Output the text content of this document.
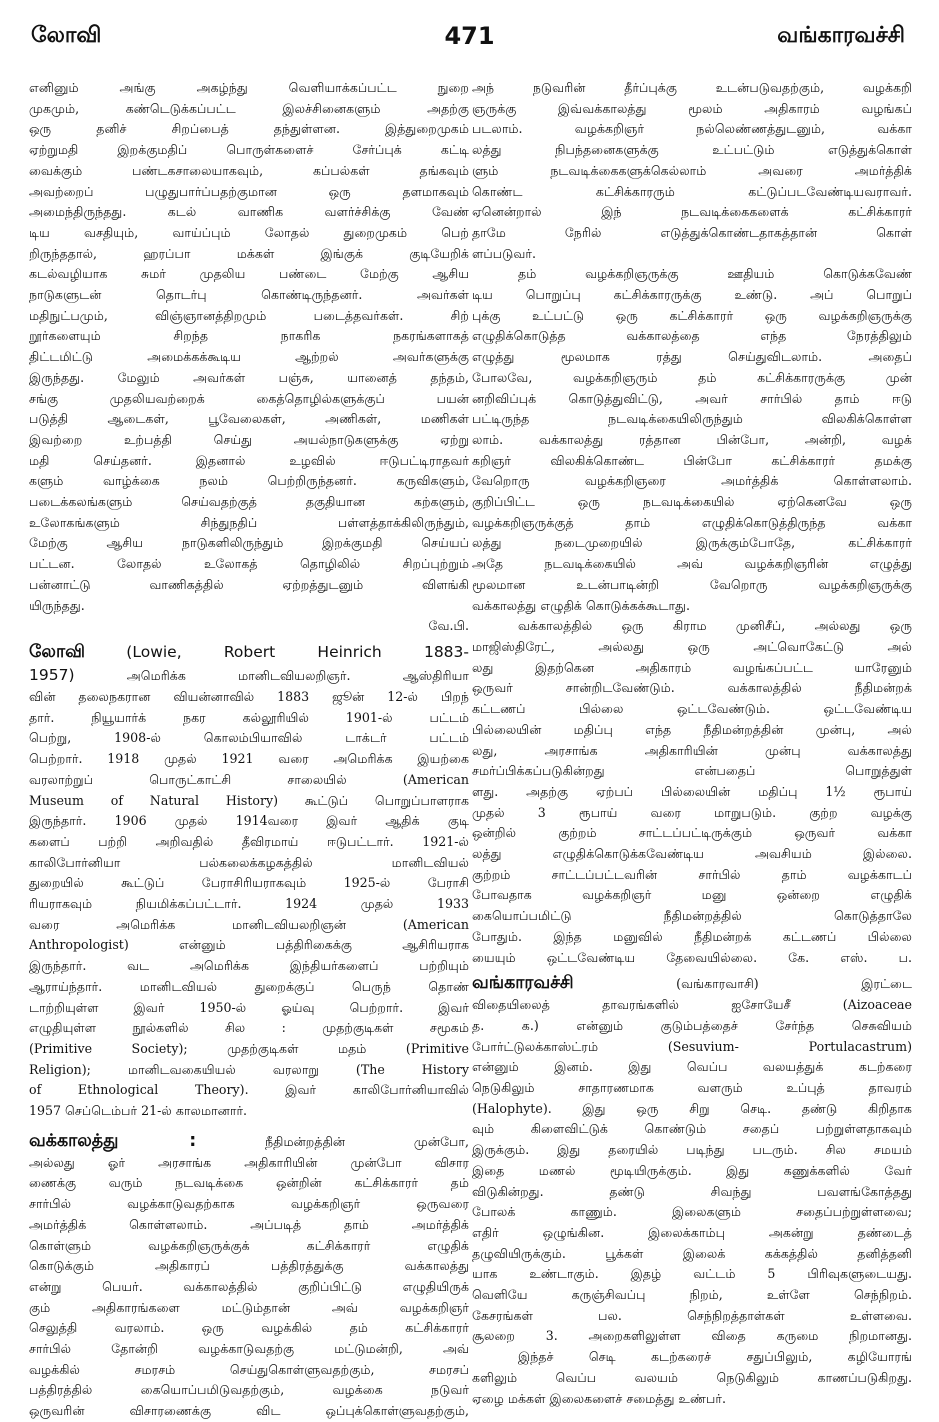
லோவி	471	வங்காரவச்சி
எனினும் அங்கு அகழ்ந்து வெளியாக்கப்பட்ட நுறை
முகமும், கண்டெடுக்கப்பட்ட இலச்சினைகளும் அதற்கு
ஒரு தனிச் சிறப்பைத் தந்துள்ளன. இத்துறைமுகம்
ஏற்றுமதி இறக்குமதிப் பொருள்களைச் சேர்ப்புக் கட்டி
வைக்கும் பண்டகசாலையாகவும், கப்பல்கள் தங்கவும்
அவற்றைப் பழுதுபார்ப்பதற்குமான ஒரு தளமாகவும்
அமைந்திருந்தது. கடல் வாணிக வளர்ச்சிக்கு வேண்
டிய வசதியும், வாய்ப்பும் லோதல் துறைமுகம் பெற்
றிருந்ததால், ஹரப்பா மக்கள் இங்குக் குடியேறிக்
கடல்வழியாக சுமர் முதலிய பண்டை மேற்கு ஆசிய
நாடுகளுடன் தொடர்பு கொண்டிருந்தனர். அவர்கள்
மதிநுட்பமும், விஞ்ஞானத்திறமும் படைத்தவர்கள். சிற்
றூர்களையும் சிறந்த நாகரிக நகரங்களாகத்
திட்டமிட்டு அமைக்கக்கூடிய ஆற்றல் அவர்களுக்கு
இருந்தது. மேலும் அவர்கள் பஞ்சு, யானைத் தந்தம்,
சங்கு முதலியவற்றைக் கைத்தொழில்களுக்குப் பயன்
படுத்தி ஆடைகள், பூவேலைகள், அணிகள், மணிகள்
இவற்றை உற்பத்தி செய்து அயல்நாடுகளுக்கு ஏற்று
மதி செய்தனர். இதனால் உழவில் ஈடுபட்டிராதவர்
களும் வாழ்க்கை நலம் பெற்றிருந்தனர். கருவிகளும்,
படைக்கலங்களும் செய்வதற்குத் தகுதியான கற்களும்,
உலோகங்களும் சிந்துநதிப் பள்ளத்தாக்கிலிருந்தும்,
மேற்கு ஆசிய நாடுகளிலிருந்தும் இறக்குமதி செய்யப்
பட்டன. லோதல் உலோகத் தொழிலில் சிறப்புற்றும்
பன்னாட்டு வாணிகத்தில் ஏற்றத்துடனும் விளங்கி
யிருந்தது.
வே.பி.
லோவி	(Lowie, Robert Heinrich 1883-
1957)	அமெரிக்க மானிடவியலறிஞர். ஆஸ்திரியா
வின் தலைநகரான வியன்னாவில் 1883 ஜூன் 12-ல் பிறந்
தார். நியூயார்க் நகர கல்லூரியில் 1901-ல் பட்டம்
பெற்று, 1908-ல் கொலம்பியாவில் டாக்டர் பட்டம்
பெற்றார். 1918 முதல் 1921 வரை அமெரிக்க இயற்கை
வரலாற்றுப் பொருட்காட்சி சாலையில் (American
Museum of Natural History) கூட்டுப் பொறுப்பாளராக
இருந்தார். 1906 முதல் 1914வரை இவர் ஆதிக் குடி
களைப் பற்றி அறிவதில் தீவிரமாய் ஈடுபட்டார். 1921-ல்
காலிபோர்னியா பல்கலைக்கழகத்தில் மானிடவியல்
துறையில் கூட்டுப் பேராசிரியராகவும் 1925-ல் பேராசி
ரியராகவும் நியமிக்கப்பட்டார். 1924 முதல் 1933
வரை அமெரிக்க மானிடவியலறிஞன் (American
Anthropologist) என்னும் பத்திரிகைக்கு ஆசிரியராக
இருந்தார். வட அமெரிக்க இந்தியர்களைப் பற்றியும்
ஆராய்ந்தார். மானிடவியல் துறைக்குப் பெருந் தொண்
டாற்றியுள்ள இவர் 1950-ல் ஓய்வு பெற்றார். இவர்
எழுதியுள்ள நூல்களில் சில : முதற்குடிகள் சமூகம்
(Primitive Society); முதற்குடிகள் மதம் (Primitive
Religion); மானிடவகையியல் வரலாறு (The History
of Ethnological Theory). இவர் காலிபோர்னியாவில்
1957 செப்டெம்பர் 21-ல் காலமானார்.
வக்காலத்து :	நீதிமன்றத்தின் முன்போ,
அல்லது ஓர் அரசாங்க அதிகாரியின் முன்போ விசார
ணைக்கு வரும் நடவடிக்கை ஒன்றின் கட்சிக்காரர் தம்
சார்பில் வழக்காடுவதற்காக வழக்கறிஞர் ஒருவரை
அமர்த்திக் கொள்ளலாம். அப்படித் தாம் அமர்த்திக்
கொள்ளும் வழக்கறிஞருக்குக் கட்சிக்காரர் எழுதிக்
கொடுக்கும் அதிகாரப் பத்திரத்துக்கு வக்காலத்து
என்று பெயர். வக்காலத்தில் குறிப்பிட்டு எழுதியிருக்
கும் அதிகாரங்களை மட்டும்தான் அவ் வழக்கறிஞர்
செலுத்தி வரலாம். ஒரு வழக்கில் தம் கட்சிக்காரர்
சார்பில் தோன்றி வழக்காடுவதற்கு மட்டுமன்றி, அவ்
வழக்கில் சமரசம் செய்துகொள்ளுவதற்கும், சமரசப்
பத்திரத்தில் கையொப்பமிடுவதற்கும், வழக்கை நடுவர்
ஒருவரின் விசாரணைக்கு விட ஒப்புக்கொள்ளுவதற்கும்,
அந் நடுவரின் தீர்ப்புக்கு உடன்படுவதற்கும், வழக்கறி
ஞருக்கு இவ்வக்காலத்து மூலம் அதிகாரம் வழங்கப்
படலாம். வழக்கறிஞர் நல்லெண்ணத்துடனும், வக்கா
லத்து நிபந்தனைகளுக்கு உட்பட்டும் எடுத்துக்கொள்
ளும் நடவடிக்கைகளுக்கெல்லாம் அவரை அமர்த்திக்
கொண்ட கட்சிக்காரரும் கட்டுப்படவேண்டியவராவர்.
ஏனென்றால் இந் நடவடிக்கைகளைக் கட்சிக்காரர்
தாமே நேரில் எடுத்துக்கொண்டதாகத்தான் கொள்
ளப்படுவர்.
தம் வழக்கறிஞருக்கு ஊதியம் கொடுக்கவேண்
டிய பொறுப்பு கட்சிக்காரருக்கு உண்டு. அப் பொறுப்
புக்கு உட்பட்டு ஒரு கட்சிக்காரர் ஒரு வழக்கறிஞருக்கு
எழுதிக்கொடுத்த வக்காலத்தை எந்த நேரத்திலும்
எழுத்து மூலமாக ரத்து செய்துவிடலாம். அதைப்
போலவே, வழக்கறிஞரும் தம் கட்சிக்காரருக்கு முன்
னறிவிப்புக் கொடுத்துவிட்டு, அவர் சார்பில் தாம் ஈடு
பட்டிருந்த நடவடிக்கையிலிருந்தும் விலகிக்கொள்ள
லாம். வக்காலத்து ரத்தான பின்போ, அன்றி, வழக்
கறிஞர் விலகிக்கொண்ட பின்போ கட்சிக்காரர் தமக்கு
வேறொரு வழக்கறிஞரை அமர்த்திக் கொள்ளலாம்.
குறிப்பிட்ட ஒரு நடவடிக்கையில் ஏற்கெனவே ஒரு
வழக்கறிஞருக்குத் தாம் எழுதிக்கொடுத்திருந்த வக்கா
லத்து நடைமுறையில் இருக்கும்போதே, கட்சிக்காரர்
அதே நடவடிக்கையில் அவ் வழக்கறிஞரின் எழுத்து
மூலமான உடன்பாடின்றி வேறொரு வழக்கறிஞருக்கு
வக்காலத்து எழுதிக் கொடுக்கக்கூடாது.
வக்காலத்தில் ஒரு கிராம முனிசீப், அல்லது ஒரு
மாஜிஸ்திரேட், அல்லது ஒரு அட்வொகேட்டு அல்
லது இதற்கென அதிகாரம் வழங்கப்பட்ட யாரேனும்
ஒருவர் சான்றிடவேண்டும். வக்காலத்தில் நீதிமன்றக்
கட்டணப் பில்லை ஒட்டவேண்டும். ஒட்டவேண்டிய
பில்லையின் மதிப்பு எந்த நீதிமன்றத்தின் முன்பு, அல்
லது, அரசாங்க அதிகாரியின் முன்பு வக்காலத்து
சமர்ப்பிக்கப்படுகின்றது என்பதைப் பொறுத்துள்
ளது. அதற்கு ஏற்பப் பில்லையின் மதிப்பு 1½ ரூபாய்
முதல் 3 ரூபாய் வரை மாறுபடும். குற்ற வழக்கு
ஒன்றில் குற்றம் சாட்டப்பட்டிருக்கும் ஒருவர் வக்கா
லத்து எழுதிக்கொடுக்கவேண்டிய அவசியம் இல்லை.
குற்றம் சாட்டப்பட்டவரின் சார்பில் தாம் வழக்காடப்
போவதாக வழக்கறிஞர் மனு ஒன்றை எழுதிக்
கையொப்பமிட்டு நீதிமன்றத்தில் கொடுத்தாலே
போதும். இந்த மனுவில் நீதிமன்றக் கட்டணப் பில்லை
யையும் ஒட்டவேண்டிய தேவையில்லை. கே. எஸ். ப.
வங்காரவச்சி	(வங்காரவாசி) இரட்டை
விதையிலைத் தாவரங்களில் ஐசோயேசீ (Aizoaceae
த. க.) என்னும் குடும்பத்தைச் சேர்ந்த செசுவியம்
போர்ட்டுலக்காஸ்ட்ரம் (Sesuvium- Portulacastrum)
என்னும் இனம். இது வெப்ப வலயத்துக் கடற்கரை
நெடுகிலும் சாதாரணமாக வளரும் உப்புத் தாவரம்
(Halophyte). இது ஒரு சிறு செடி. தண்டு கிறிதாக
வும் கிளைவிட்டுக் கொண்டும் சதைப் பற்றுள்ளதாகவும்
இருக்கும். இது தரையில் படிந்து படரும். சில சமயம்
இதை மணல் மூடியிருக்கும். இது கணுக்களில் வேர்
விடுகின்றது. தண்டு சிவந்து பவளங்கோத்தது
போலக் காணும். இலைகளும் சதைப்பற்றுள்ளவை;
எதிர் ஒழுங்கின. இலைக்காம்பு அகன்று தண்டைத்
தழுவியிருக்கும். பூக்கள் இலைக் கக்கத்தில் தனித்தனி
யாக உண்டாகும். இதழ் வட்டம் 5 பிரிவுகளுடையது.
வெளியே கருஞ்சிவப்பு நிறம், உள்ளே செந்நிறம்.
கேசரங்கள் பல. செந்நிறத்தாள்கள் உள்ளவை.
சூலறை 3. அறைகளிலுள்ள விதை கருமை நிறமானது.
இந்தச் செடி கடற்கரைச் சதுப்பிலும், கழியோரங்
களிலும் வெப்ப வலயம் நெடுகிலும் காணப்படுகிறது.
ஏழை மக்கள் இலைகளைச் சமைத்து உண்பர்.
